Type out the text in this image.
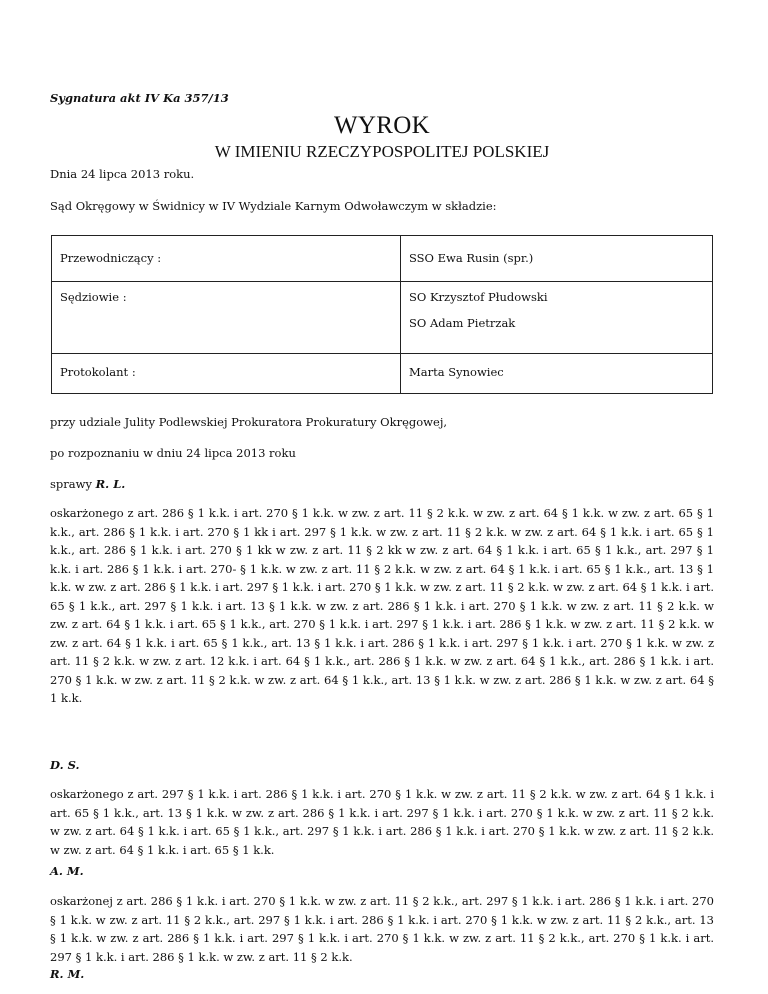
Sygnatura akt IV Ka 357/13
WYROK
W IMIENIU RZECZYPOSPOLITEJ POLSKIEJ
Dnia 24 lipca 2013 roku.
Sąd Okręgowy w Świdnicy w IV Wydziale Karnym Odwoławczym w składzie:
Przewodniczący :	SSO Ewa Rusin (spr.)

Sędziowie :	SO Krzysztof Płudowski
SO Adam Pietrzak

Protokolant :	Marta Synowiec
przy udziale Julity Podlewskiej Prokuratora Prokuratury Okręgowej,
po rozpoznaniu w dniu 24 lipca 2013 roku
sprawy R. L.
oskarżonego z art. 286 § 1 k.k. i art. 270 § 1 k.k. w zw. z art. 11 § 2 k.k. w zw. z art. 64 § 1 k.k. w zw. z art. 65 § 1 k.k., art. 286 § 1 k.k. i art. 270 § 1 kk i art. 297 § 1 k.k. w zw. z art. 11 § 2 k.k. w zw. z art. 64 § 1 k.k. i art. 65 § 1 k.k., art. 286 § 1 k.k. i art. 270 § 1 kk w zw. z art. 11 § 2 kk w zw. z art. 64 § 1 k.k. i art. 65 § 1 k.k., art. 297 § 1 k.k. i art. 286 § 1 k.k. i art. 270- § 1 k.k. w zw. z art. 11 § 2 k.k. w zw. z art. 64 § 1 k.k. i art. 65 § 1 k.k., art. 13 § 1 k.k. w zw. z art. 286 § 1 k.k. i art. 297 § 1 k.k. i art. 270 § 1 k.k. w zw. z art. 11 § 2 k.k. w zw. z art. 64 § 1 k.k. i art. 65 § 1 k.k., art. 297 § 1 k.k. i art. 13 § 1 k.k. w zw. z art. 286 § 1 k.k. i art. 270 § 1 k.k. w zw. z art. 11 § 2 k.k. w zw. z art. 64 § 1 k.k. i art. 65 § 1 k.k., art. 270 § 1 k.k. i art. 297 § 1 k.k. i art. 286 § 1 k.k. w zw. z art. 11 § 2 k.k. w zw. z art. 64 § 1 k.k. i art. 65 § 1 k.k., art. 13 § 1 k.k. i art. 286 § 1 k.k. i art. 297 § 1 k.k. i art. 270 § 1 k.k. w zw. z art. 11 § 2 k.k. w zw. z art. 12 k.k. i art. 64 § 1 k.k., art. 286 § 1 k.k. w zw. z art. 64 § 1 k.k., art. 286 § 1 k.k. i art. 270 § 1 k.k. w zw. z art. 11 § 2 k.k. w zw. z art. 64 § 1 k.k., art. 13 § 1 k.k. w zw. z art. 286 § 1 k.k. w zw. z art. 64 § 1 k.k.
D. S.
oskarżonego z art. 297 § 1 k.k. i art. 286 § 1 k.k. i art. 270 § 1 k.k. w zw. z art. 11 § 2 k.k. w zw. z art. 64 § 1 k.k. i art. 65 § 1 k.k., art. 13 § 1 k.k. w zw. z art. 286 § 1 k.k. i art. 297 § 1 k.k. i art. 270 § 1 k.k. w zw. z art. 11 § 2 k.k. w zw. z art. 64 § 1 k.k. i art. 65 § 1 k.k., art. 297 § 1 k.k. i art. 286 § 1 k.k. i art. 270 § 1 k.k. w zw. z art. 11 § 2 k.k. w zw. z art. 64 § 1 k.k. i art. 65 § 1 k.k.
A. M.
oskarżonej z art. 286 § 1 k.k. i art. 270 § 1 k.k. w zw. z art. 11 § 2 k.k., art. 297 § 1 k.k. i art. 286 § 1 k.k. i art. 270 § 1 k.k. w zw. z art. 11 § 2 k.k., art. 297 § 1 k.k. i art. 286 § 1 k.k. i art. 270 § 1 k.k. w zw. z art. 11 § 2 k.k., art. 13 § 1 k.k. w zw. z art. 286 § 1 k.k. i art. 297 § 1 k.k. i art. 270 § 1 k.k. w zw. z art. 11 § 2 k.k., art. 270 § 1 k.k. i art. 297 § 1 k.k. i art. 286 § 1 k.k. w zw. z art. 11 § 2 k.k.
R. M.
